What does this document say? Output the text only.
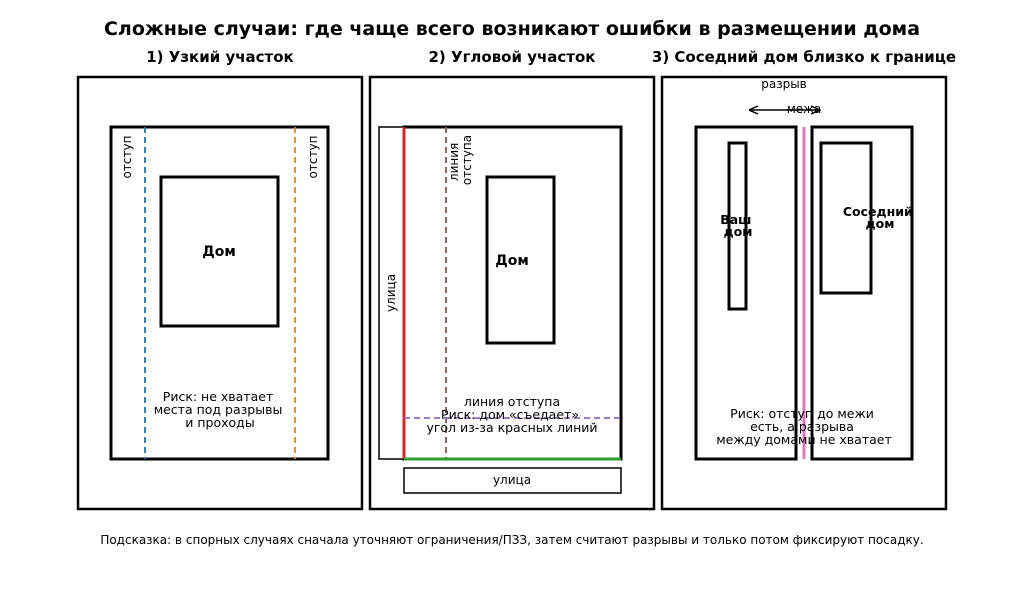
Сложные случаи: где чаще всего возникают ошибки в размещении дома
1) Узкий участок
отступ	отступ
Дом
Риск: не хватает места под разрывы и проходы
2) Угловой участок
улица
линия отступа
Дом
линия отступа
Риск: дом «съедает» угол из-за красных линий
улица
3) Соседний дом близко к границе
разрыв
межа
Ваш дом
Соседний дом
Риск: отступ до межи есть, а разрыва между домами не хватает
Подсказка: в спорных случаях сначала уточняют ограничения/ПЗЗ, затем считают разрывы и только потом фиксируют посадку.
